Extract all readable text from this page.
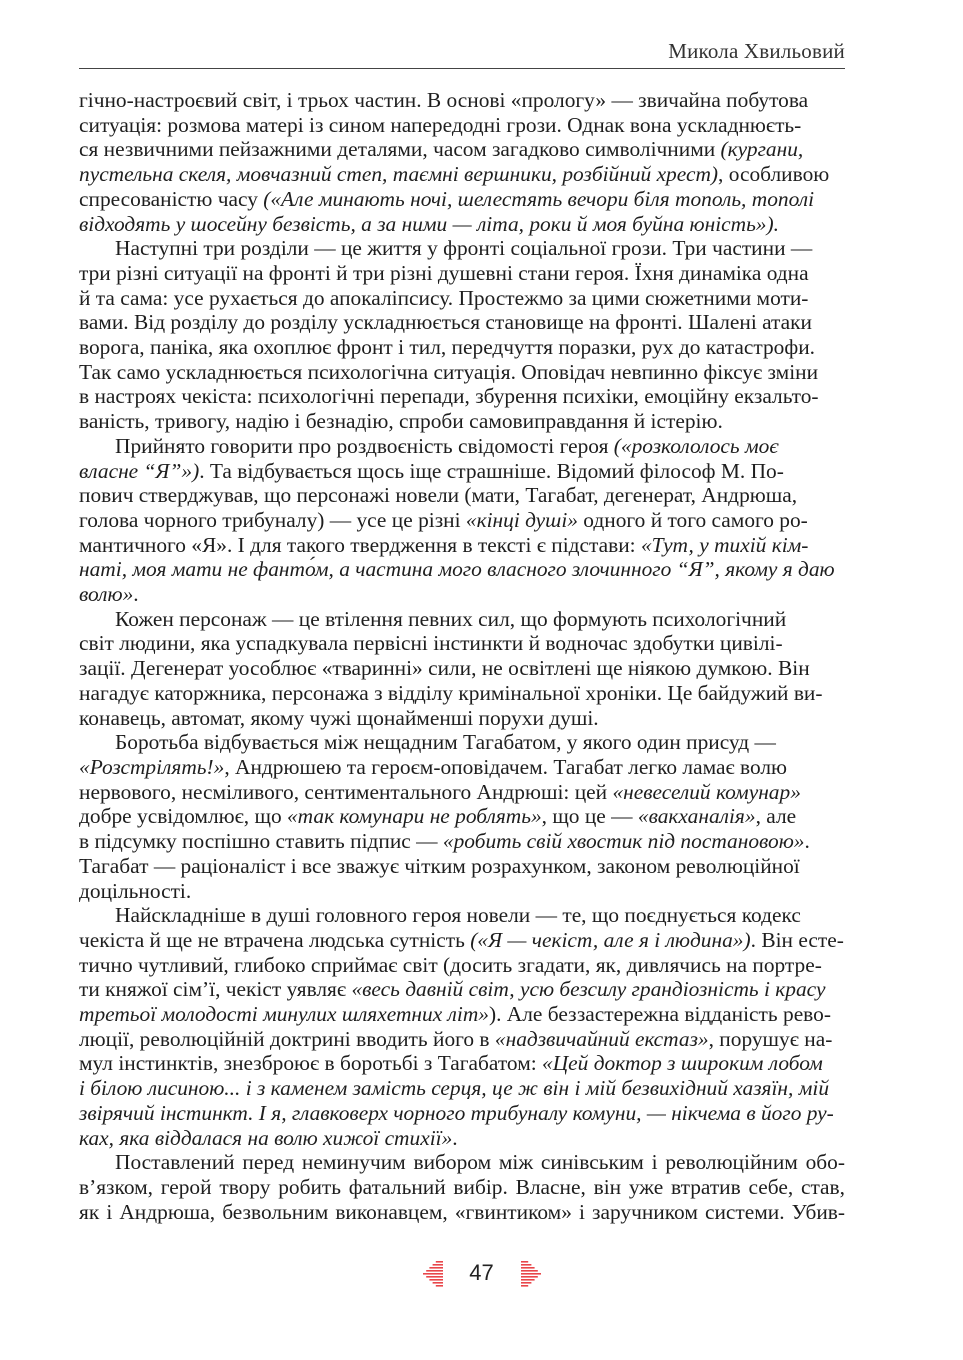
Микола Хвильовий

гічно-настроєвий світ, і трьох частин. В основі «прологу» — звичайна побутова
ситуація: розмова матері із сином напередодні грози. Однак вона ускладнюєть-
ся незвичними пейзажними деталями, часом загадково символічними (кургани,
пустельна скеля, мовчазний степ, таємні вершники, розбійний хрест), особливою
спресованістю часу («Але минають ночі, шелестять вечори біля тополь, тополі
відходять у шосейну безвість, а за ними — літа, роки й моя буйна юність»).

Наступні три розділи — це життя у фронті соціальної грози. Три частини —
три різні ситуації на фронті й три різні душевні стани героя. Їхня динаміка одна
й та сама: усе рухається до апокаліпсису. Простежмо за цими сюжетними моти-
вами. Від розділу до розділу ускладнюється становище на фронті. Шалені атаки
ворога, паніка, яка охоплює фронт і тил, передчуття поразки, рух до катастрофи.
Так само ускладнюється психологічна ситуація. Оповідач невпинно фіксує зміни
в настроях чекіста: психологічні перепади, збурення психіки, емоційну екзальто-
ваність, тривогу, надію і безнадію, спроби самовиправдання й істерію.

Прийнято говорити про роздвоєність свідомості героя («розкололось моє
власне “Я”»). Та відбувається щось іще страшніше. Відомий філософ М. По-
пович стверджував, що персонажі новели (мати, Тагабат, дегенерат, Андрюша,
голова чорного трибуналу) — усе це різні «кінці душі» одного й того самого ро-
мантичного «Я». І для такого твердження в тексті є підстави: «Тут, у тихій кім-
наті, моя мати не фанто́м, а частина мого власного злочинного “Я”, якому я даю
волю».

Кожен персонаж — це втілення певних сил, що формують психологічний
світ людини, яка успадкувала первісні інстинкти й водночас здобутки цивілі-
зації. Дегенерат уособлює «тваринні» сили, не освітлені ще ніякою думкою. Він
нагадує каторжника, персонажа з відділу кримінальної хроніки. Це байдужий ви-
конавець, автомат, якому чужі щонайменші порухи душі.

Боротьба відбувається між нещадним Тагабатом, у якого один присуд —
«Розстрілять!», Андрюшею та героєм-оповідачем. Тагабат легко ламає волю
нервового, несміливого, сентиментального Андрюші: цей «невеселий комунар»
добре усвідомлює, що «так комунари не роблять», що це — «вакханалія», але
в підсумку поспішно ставить підпис — «робить свій хвостик під постановою».
Тагабат — раціоналіст і все зважує чітким розрахунком, законом революційної
доцільності.

Найскладніше в душі головного героя новели — те, що поєднується кодекс
чекіста й ще не втрачена людська сутність («Я — чекіст, але я і людина»). Він есте-
тично чутливий, глибоко сприймає світ (досить згадати, як, дивлячись на портре-
ти княжої сім’ї, чекіст уявляє «весь давній світ, усю безсилу грандіозність і красу
третьої молодості минулих шляхетних літ»). Але беззастережна відданість рево-
люції, революційній доктрині вводить його в «надзвичайний екстаз», порушує на-
мул інстинктів, знезброює в боротьбі з Тагабатом: «Цей доктор з широким лобом
і білою лисиною... і з каменем замість серця, це ж він і мій безвихідний хазяїн, мій
звірячий інстинкт. І я, главковерх чорного трибуналу комуни, — нікчема в його ру-
ках, яка віддалася на волю хижої стихії».

Поставлений перед неминучим вибором між синівським і революційним обо-
в’язком, герой твору робить фатальний вибір. Власне, він уже втратив себе, став,
як і Андрюша, безвольним виконавцем, «гвинтиком» і заручником системи. Убив-

47
